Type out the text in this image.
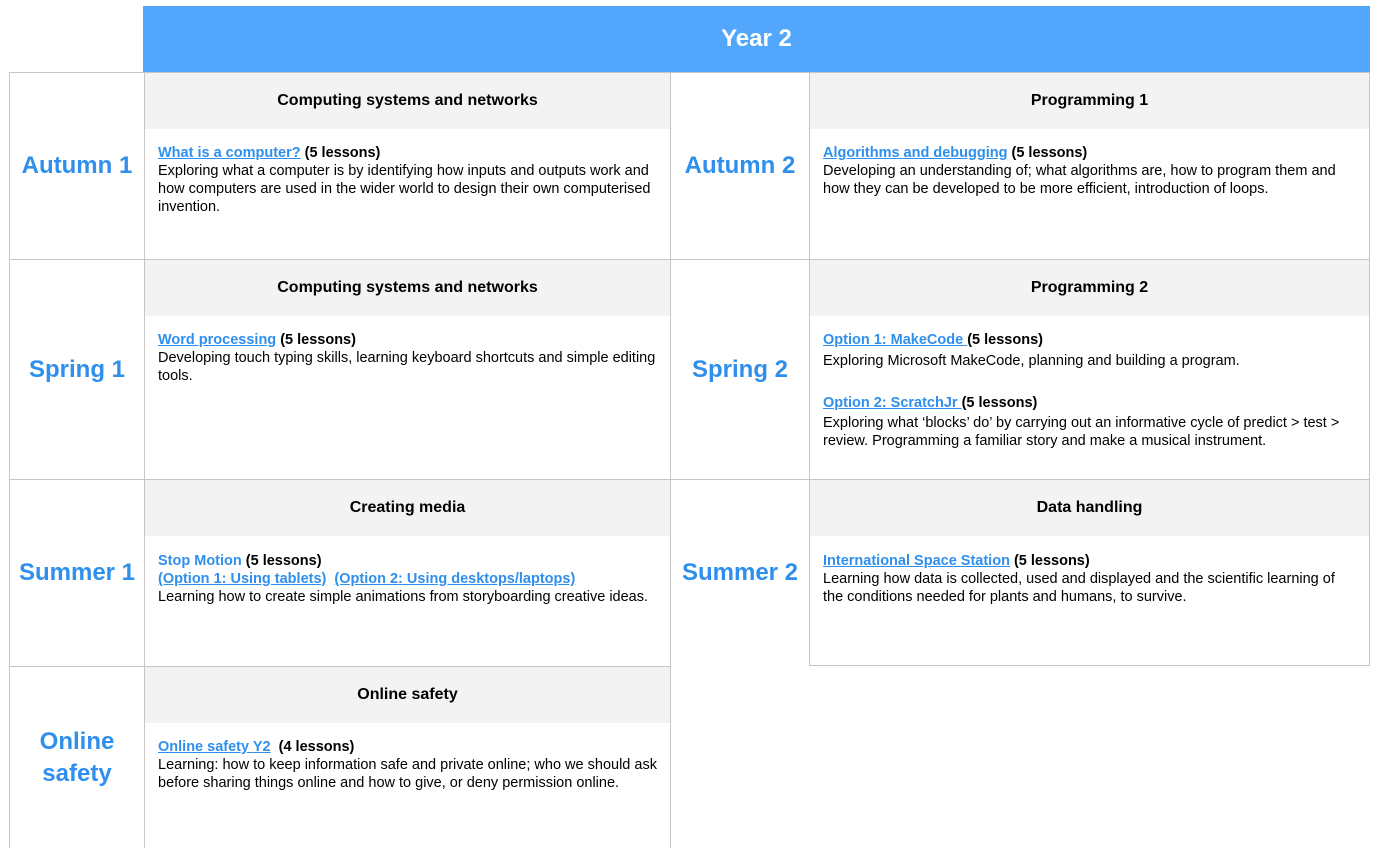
Year 2
Autumn 1
Computing systems and networks
What is a computer? (5 lessons)
Exploring what a computer is by identifying how inputs and outputs work and how computers are used in the wider world to design their own computerised invention.
Autumn 2
Programming 1
Algorithms and debugging (5 lessons)
Developing an understanding of; what algorithms are, how to program them and how they can be developed to be more efficient, introduction of loops.
Spring 1
Computing systems and networks
Word processing (5 lessons)
Developing touch typing skills, learning keyboard shortcuts and simple editing tools.	Spring 2
Programming 2
Option 1: MakeCode (5 lessons)
Exploring Microsoft MakeCode, planning and building a program.
Option 2: ScratchJr (5 lessons)
Exploring what ‘blocks’ do’ by carrying out an informative cycle of predict > test > review. Programming a familiar story and make a musical instrument.
Summer 1
Creating media
Stop Motion (5 lessons)
(Option 1: Using tablets) (Option 2: Using desktops/laptops)
Learning how to create simple animations from storyboarding creative ideas.
Summer 2
Data handling
International Space Station (5 lessons)
Learning how data is collected, used and displayed and the scientific learning of the conditions needed for plants and humans, to survive.
Online
safety
Online safety
Online safety Y2  (4 lessons)
Learning: how to keep information safe and private online; who we should ask before sharing things online and how to give, or deny permission online.
